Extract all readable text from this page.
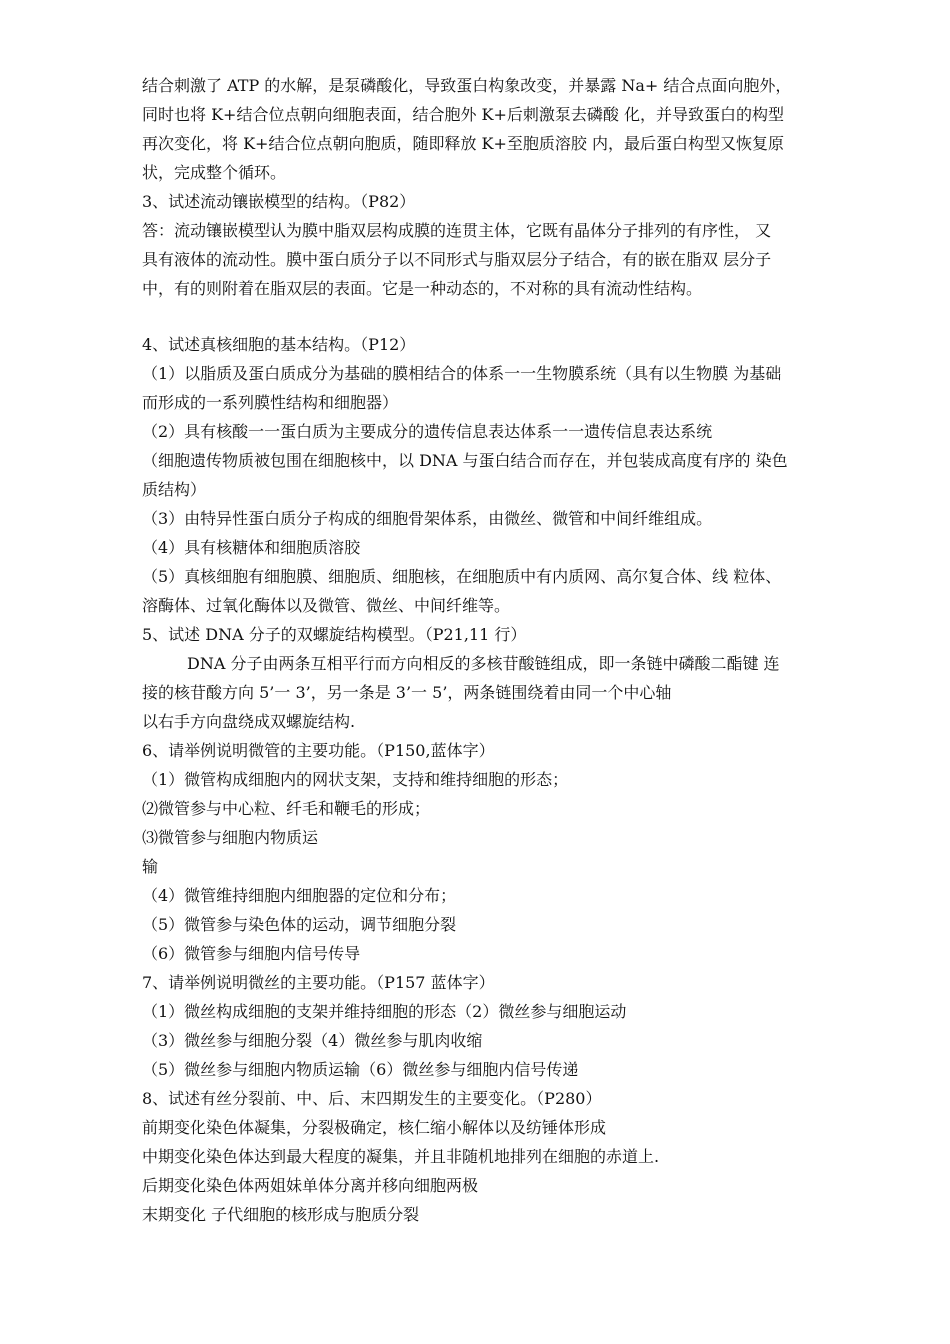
结合刺激了 ATP 的水解，是泵磷酸化，导致蛋白构象改变，并暴露 Na+ 结合点面向胞外，
同时也将 K+结合位点朝向细胞表面，结合胞外 K+后刺激泵去磷酸 化，并导致蛋白的构型
再次变化，将 K+结合位点朝向胞质，随即释放 K+至胞质溶胶 内，最后蛋白构型又恢复原
状，完成整个循环。
3、试述流动镶嵌模型的结构。（P82）
答：流动镶嵌模型认为膜中脂双层构成膜的连贯主体，它既有晶体分子排列的有序性， 又
具有液体的流动性。膜中蛋白质分子以不同形式与脂双层分子结合，有的嵌在脂双 层分子
中，有的则附着在脂双层的表面。它是一种动态的，不对称的具有流动性结构。
4、试述真核细胞的基本结构。（P12）
（1）以脂质及蛋白质成分为基础的膜相结合的体系一一生物膜系统（具有以生物膜 为基础
而形成的一系列膜性结构和细胞器）
（2）具有核酸一一蛋白质为主要成分的遗传信息表达体系一一遗传信息表达系统
（细胞遗传物质被包围在细胞核中，以 DNA 与蛋白结合而存在，并包装成高度有序的 染色
质结构）
（3）由特异性蛋白质分子构成的细胞骨架体系，由微丝、微管和中间纤维组成。
（4）具有核糖体和细胞质溶胶
（5）真核细胞有细胞膜、细胞质、细胞核，在细胞质中有内质网、高尔复合体、线 粒体、
溶酶体、过氧化酶体以及微管、微丝、中间纤维等。
5、试述 DNA 分子的双螺旋结构模型。（P21,11 行）
DNA 分子由两条互相平行而方向相反的多核苷酸链组成，即一条链中磷酸二酯键 连
接的核苷酸方向 5’一 3’，另一条是 3’一 5’，两条链围绕着由同一个中心轴
以右手方向盘绕成双螺旋结构.
6、请举例说明微管的主要功能。（P150,蓝体字）
（1）微管构成细胞内的网状支架，支持和维持细胞的形态；
⑵微管参与中心粒、纤毛和鞭毛的形成；
⑶微管参与细胞内物质运
输
（4）微管维持细胞内细胞器的定位和分布；
（5）微管参与染色体的运动，调节细胞分裂
（6）微管参与细胞内信号传导
7、请举例说明微丝的主要功能。（P157 蓝体字）
（1）微丝构成细胞的支架并维持细胞的形态（2）微丝参与细胞运动
（3）微丝参与细胞分裂（4）微丝参与肌肉收缩
（5）微丝参与细胞内物质运输（6）微丝参与细胞内信号传递
8、试述有丝分裂前、中、后、末四期发生的主要变化。（P280）
前期变化染色体凝集，分裂极确定，核仁缩小解体以及纺锤体形成
中期变化染色体达到最大程度的凝集，并且非随机地排列在细胞的赤道上.
后期变化染色体两姐妹单体分离并移向细胞两极
末期变化 子代细胞的核形成与胞质分裂
